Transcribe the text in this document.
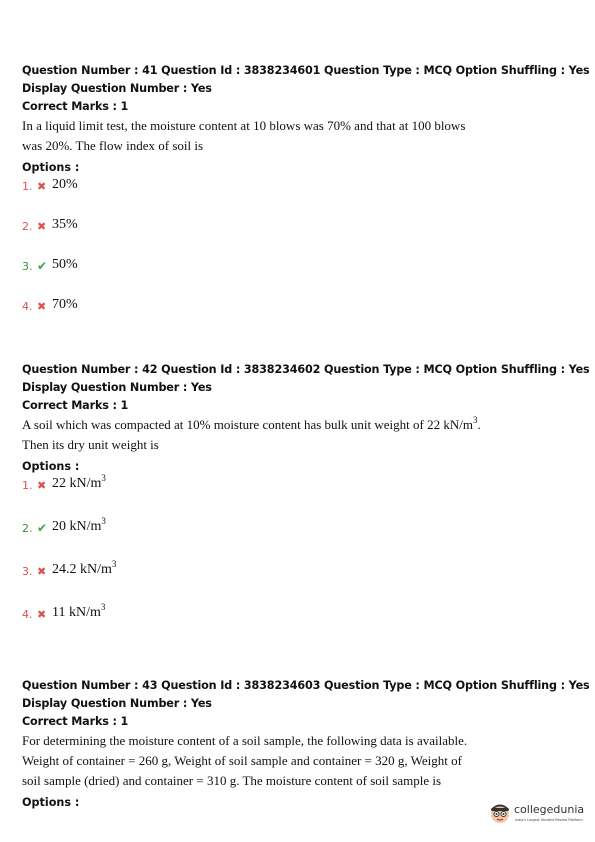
Question Number : 41 Question Id : 3838234601 Question Type : MCQ Option Shuffling : Yes
Display Question Number : Yes
Correct Marks : 1
In a liquid limit test, the moisture content at 10 blows was 70% and that at 100 blows
was 20%. The flow index of soil is
Options :
1. ✖ 20%
2. ✖ 35%
3. ✔ 50%
4. ✖ 70%
Question Number : 42 Question Id : 3838234602 Question Type : MCQ Option Shuffling : Yes
Display Question Number : Yes
Correct Marks : 1
A soil which was compacted at 10% moisture content has bulk unit weight of 22 $kN/m^3$.
Then its dry unit weight is
Options :
1. ✖ 22 $kN/m^3$
2. ✔ 20 $kN/m^3$
3. ✖ 24.2 $kN/m^3$
4. ✖ 11 $kN/m^3$
Question Number : 43 Question Id : 3838234603 Question Type : MCQ Option Shuffling : Yes
Display Question Number : Yes
Correct Marks : 1
For determining the moisture content of a soil sample, the following data is available.
Weight of container = 260 g, Weight of soil sample and container = 320 g, Weight of
soil sample (dried) and container = 310 g. The moisture content of soil sample is
Options :
collegedunia
India's Largest Student Review Platform
